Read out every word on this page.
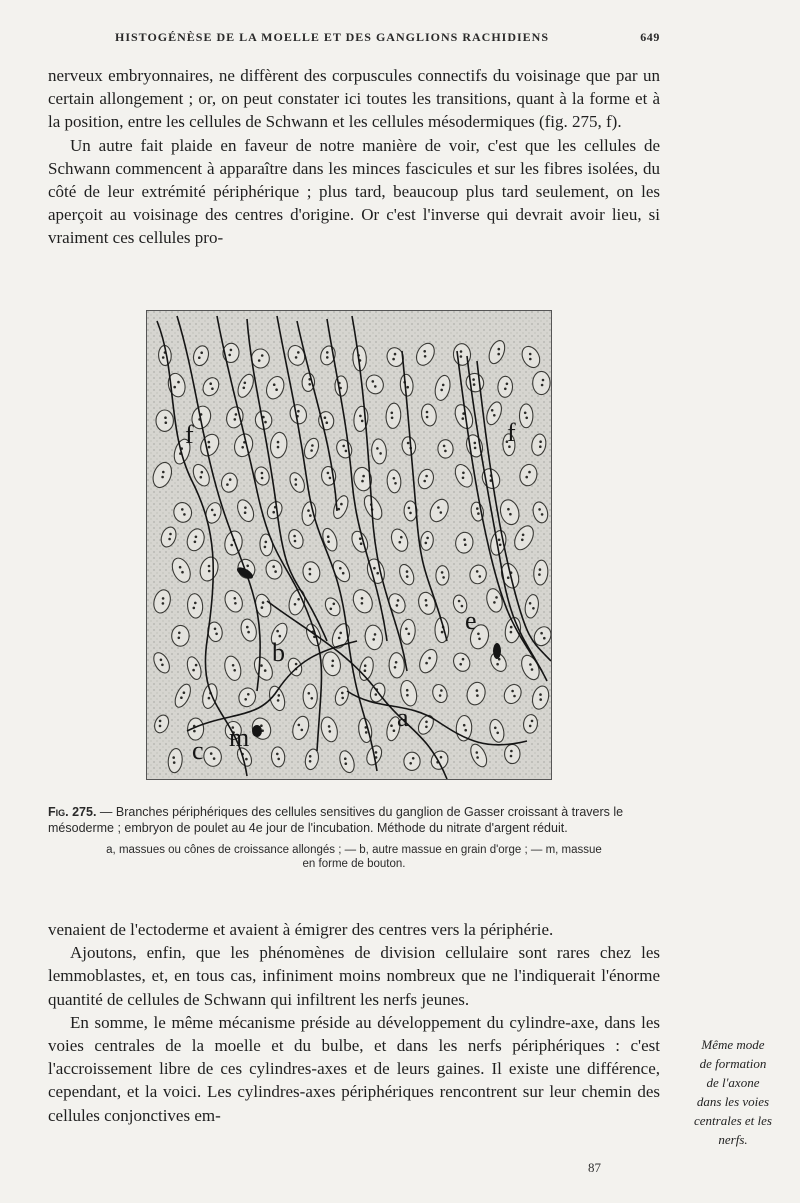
HISTOGÉNÈSE DE LA MOELLE ET DES GANGLIONS RACHIDIENS	649

nerveux embryonnaires, ne diffèrent des corpuscules connectifs du voisinage que par un certain allongement ; or, on peut constater ici toutes les transitions, quant à la forme et à la position, entre les cellules de Schwann et les cellules mésodermiques (fig. 275, f).

Un autre fait plaide en faveur de notre manière de voir, c'est que les cellules de Schwann commencent à apparaître dans les minces fascicules et sur les fibres isolées, du côté de leur extrémité périphérique ; plus tard, beaucoup plus tard seulement, on les aperçoit au voisinage des centres d'origine. Or c'est l'inverse qui devrait avoir lieu, si vraiment ces cellules pro-

f	f
b
e
a
m
c

Fig. 275. — Branches périphériques des cellules sensitives du ganglion de Gasser croissant à travers le mésoderme ; embryon de poulet au 4e jour de l'incubation. Méthode du nitrate d'argent réduit.

a, massues ou cônes de croissance allongés ; — b, autre massue en grain d'orge ; — m, massue
en forme de bouton.

venaient de l'ectoderme et avaient à émigrer des centres vers la périphérie.

Ajoutons, enfin, que les phénomènes de division cellulaire sont rares chez les lemmoblastes, et, en tous cas, infiniment moins nombreux que ne l'indiquerait l'énorme quantité de cellules de Schwann qui infiltrent les nerfs jeunes.

En somme, le même mécanisme préside au développement du cylindre-axe, dans les voies centrales de la moelle et du bulbe, et dans les nerfs périphériques : c'est l'accroissement libre de ces cylindres-axes et de leurs gaines. Il existe une différence, cependant, et la voici. Les cylindres-axes périphériques rencontrent sur leur chemin des cellules conjonctives em-

Même mode
de formation
de l'axone
dans les voies
centrales et les
nerfs.
87
